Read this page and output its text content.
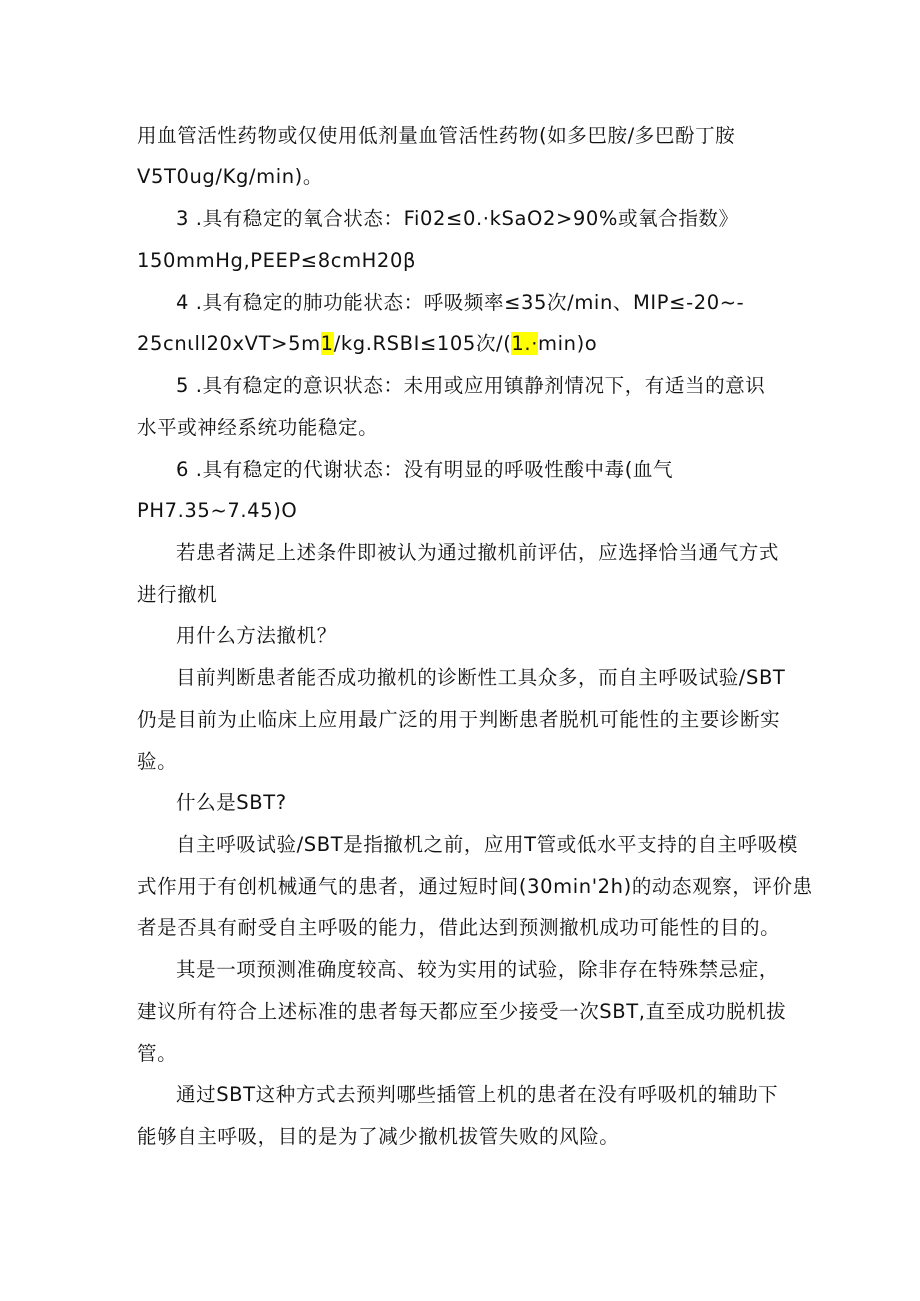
用血管活性药物或仅使用低剂量血管活性药物(如多巴胺/多巴酚丁胺
V5T0ug/Kg/min)。
3 .具有稳定的氧合状态：Fi02≤0.·kSaO2>90%或氧合指数》
150mmHg,PEEP≤8cmH20β
4 .具有稳定的肺功能状态：呼吸频率≤35次/min、MIP≤-20~-
25cnιll20xVT>5m1/kg.RSBI≤105次/(1.·min)o
5 .具有稳定的意识状态：未用或应用镇静剂情况下，有适当的意识
水平或神经系统功能稳定。
6 .具有稳定的代谢状态：没有明显的呼吸性酸中毒(血气
PH7.35~7.45)O
若患者满足上述条件即被认为通过撤机前评估，应选择恰当通气方式
进行撤机
用什么方法撤机？
目前判断患者能否成功撤机的诊断性工具众多，而自主呼吸试验/SBT
仍是目前为止临床上应用最广泛的用于判断患者脱机可能性的主要诊断实
验。
什么是SBT?
自主呼吸试验/SBT是指撤机之前，应用T管或低水平支持的自主呼吸模
式作用于有创机械通气的患者，通过短时间(30min'2h)的动态观察，评价患
者是否具有耐受自主呼吸的能力，借此达到预测撤机成功可能性的目的。
其是一项预测准确度较高、较为实用的试验，除非存在特殊禁忌症，
建议所有符合上述标准的患者每天都应至少接受一次SBT,直至成功脱机拔
管。
通过SBT这种方式去预判哪些插管上机的患者在没有呼吸机的辅助下
能够自主呼吸，目的是为了减少撤机拔管失败的风险。
